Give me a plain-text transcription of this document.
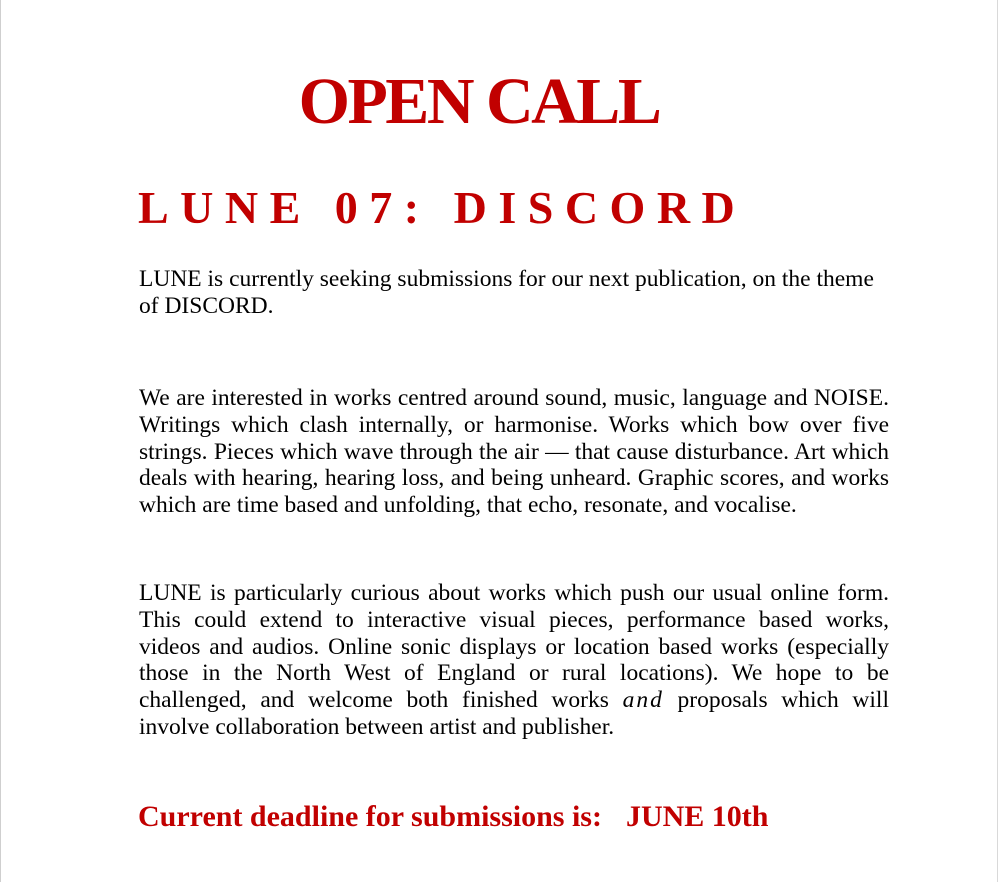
OPEN CALL
LUNE 07: DISCORD

LUNE is currently seeking submissions for our next publication, on the theme of DISCORD.

We are interested in works centred around sound, music, language and NOISE. Writings which clash internally, or harmonise. Works which bow over five strings. Pieces which wave through the air — that cause disturbance. Art which deals with hearing, hearing loss, and being unheard. Graphic scores, and works which are time based and unfolding, that echo, resonate, and vocalise.

LUNE is particularly curious about works which push our usual online form. This could extend to interactive visual pieces, performance based works, videos and audios. Online sonic displays or location based works (especially those in the North West of England or rural locations). We hope to be challenged, and welcome both finished works and proposals which will involve collaboration between artist and publisher.

Current deadline for submissions is: JUNE 10th
